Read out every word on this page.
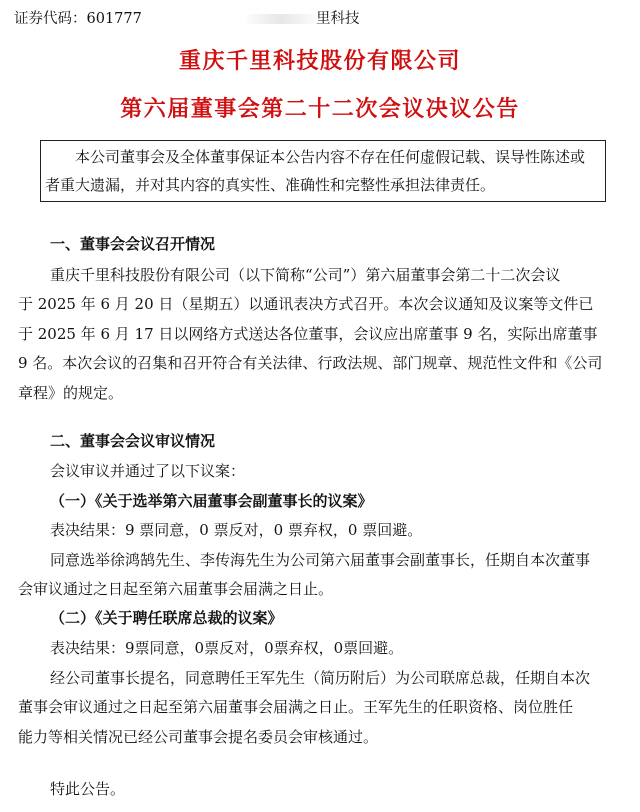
证券代码：601777	里科技
重庆千里科技股份有限公司
第六届董事会第二十二次会议决议公告

本公司董事会及全体董事保证本公告内容不存在任何虚假记载、误导性陈述或

者重大遗漏，并对其内容的真实性、准确性和完整性承担法律责任。

一、董事会会议召开情况
重庆千里科技股份有限公司（以下简称“公司”）第六届董事会第二十二次会议
于 2025 年 6 月 20 日（星期五）以通讯表决方式召开。本次会议通知及议案等文件已
于 2025 年 6 月 17 日以网络方式送达各位董事，会议应出席董事 9 名，实际出席董事
9 名。本次会议的召集和召开符合有关法律、行政法规、部门规章、规范性文件和《公司
章程》的规定。
二、董事会会议审议情况
会议审议并通过了以下议案：
（一）《关于选举第六届董事会副董事长的议案》
表决结果：9 票同意，0 票反对，0 票弃权，0 票回避。
同意选举徐鸿鹄先生、李传海先生为公司第六届董事会副董事长，任期自本次董事
会审议通过之日起至第六届董事会届满之日止。
（二）《关于聘任联席总裁的议案》
表决结果：9票同意，0票反对，0票弃权，0票回避。
经公司董事长提名，同意聘任王军先生（简历附后）为公司联席总裁，任期自本次
董事会审议通过之日起至第六届董事会届满之日止。王军先生的任职资格、岗位胜任
能力等相关情况已经公司董事会提名委员会审核通过。
特此公告。
